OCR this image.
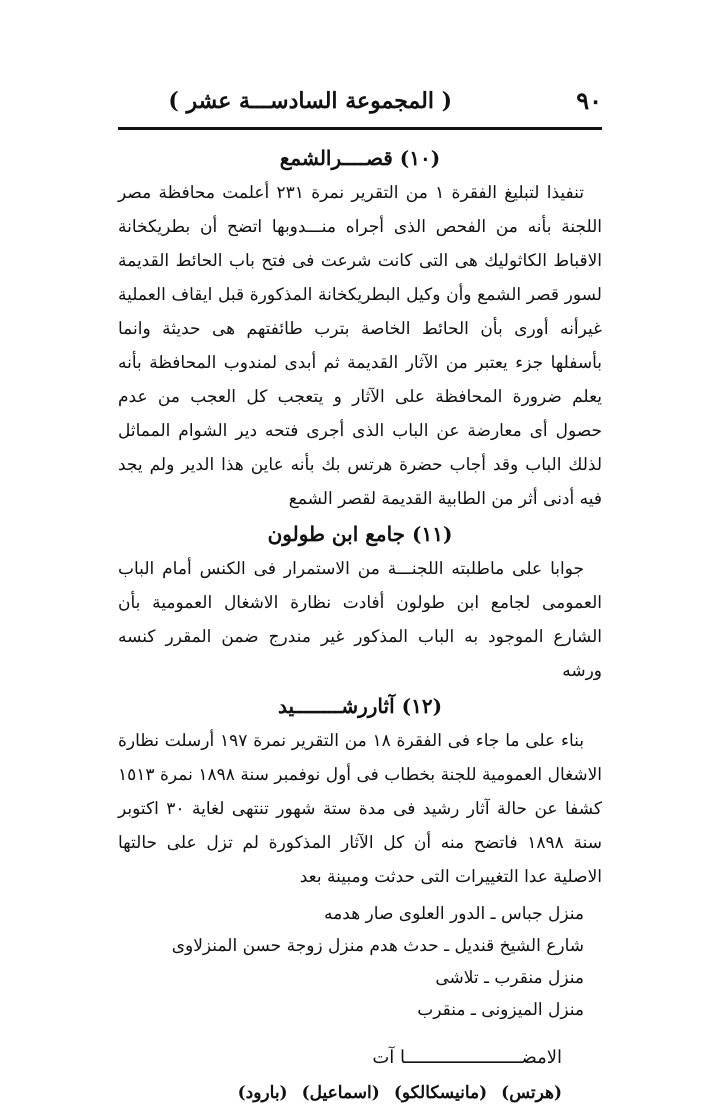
٩٠
( المجموعة السادســـة عشر )

(١٠) قصــــرالشمع

تنفيذا لتبليغ الفقرة ١ من التقرير نمرة ٢٣١ أعلمت محافظة مصر اللجنة بأنه من الفحص الذى أجراه منـــدوبها اتضح أن بطريكخانة الاقباط الكاثوليك هى التى كانت شرعت فى فتح باب الحائط القديمة لسور قصر الشمع وأن وكيل البطريكخانة المذكورة قبل ايقاف العملية غيرأنه أورى بأن الحائط الخاصة بترب طائفتهم هى حديثة وانما بأسفلها جزء يعتبر من الآثار القديمة ثم أبدى لمندوب المحافظة بأنه يعلم ضرورة المحافظة على الآثار و يتعجب كل العجب من عدم حصول أى معارضة عن الباب الذى أجرى فتحه دير الشوام المماثل لذلك الباب وقد أجاب حضرة هرتس بك بأنه عاين هذا الدير ولم يجد فيه أدنى أثر من الطابية القديمة لقصر الشمع

(١١) جامع ابن طولون

جوابا على ماطلبته اللجنـــة من الاستمرار فى الكنس أمام الباب العمومى لجامع ابن طولون أفادت نظارة الاشغال العمومية بأن الشارع الموجود به الباب المذكور غير مندرج ضمن المقرر كنسه ورشه

(١٢) آثاررشــــــــيد

بناء على ما جاء فى الفقرة ١٨ من التقرير نمرة ١٩٧ أرسلت نظارة الاشغال العمومية للجنة بخطاب فى أول نوفمبر سنة ١٨٩٨ نمرة ١٥١٣ كشفا عن حالة آثار رشيد فى مدة ستة شهور تنتهى لغاية ٣٠ اكتوبر سنة ١٨٩٨ فاتضح منه أن كل الآثار المذكورة لم تزل على حالتها الاصلية عدا التغييرات التى حدثت ومبينة بعد

منزل جباس ـ الدور العلوى صار هدمه
شارع الشيخ قنديل ـ حدث هدم منزل زوجة حسن المنزلاوى
منزل منقرب ـ تلاشى
منزل الميزونى ـ منقرب
الامضــــــــــــــــــــــا آت
(هرتس)
(مانيسكالكو)
(اسماعيل)
(بارود)
